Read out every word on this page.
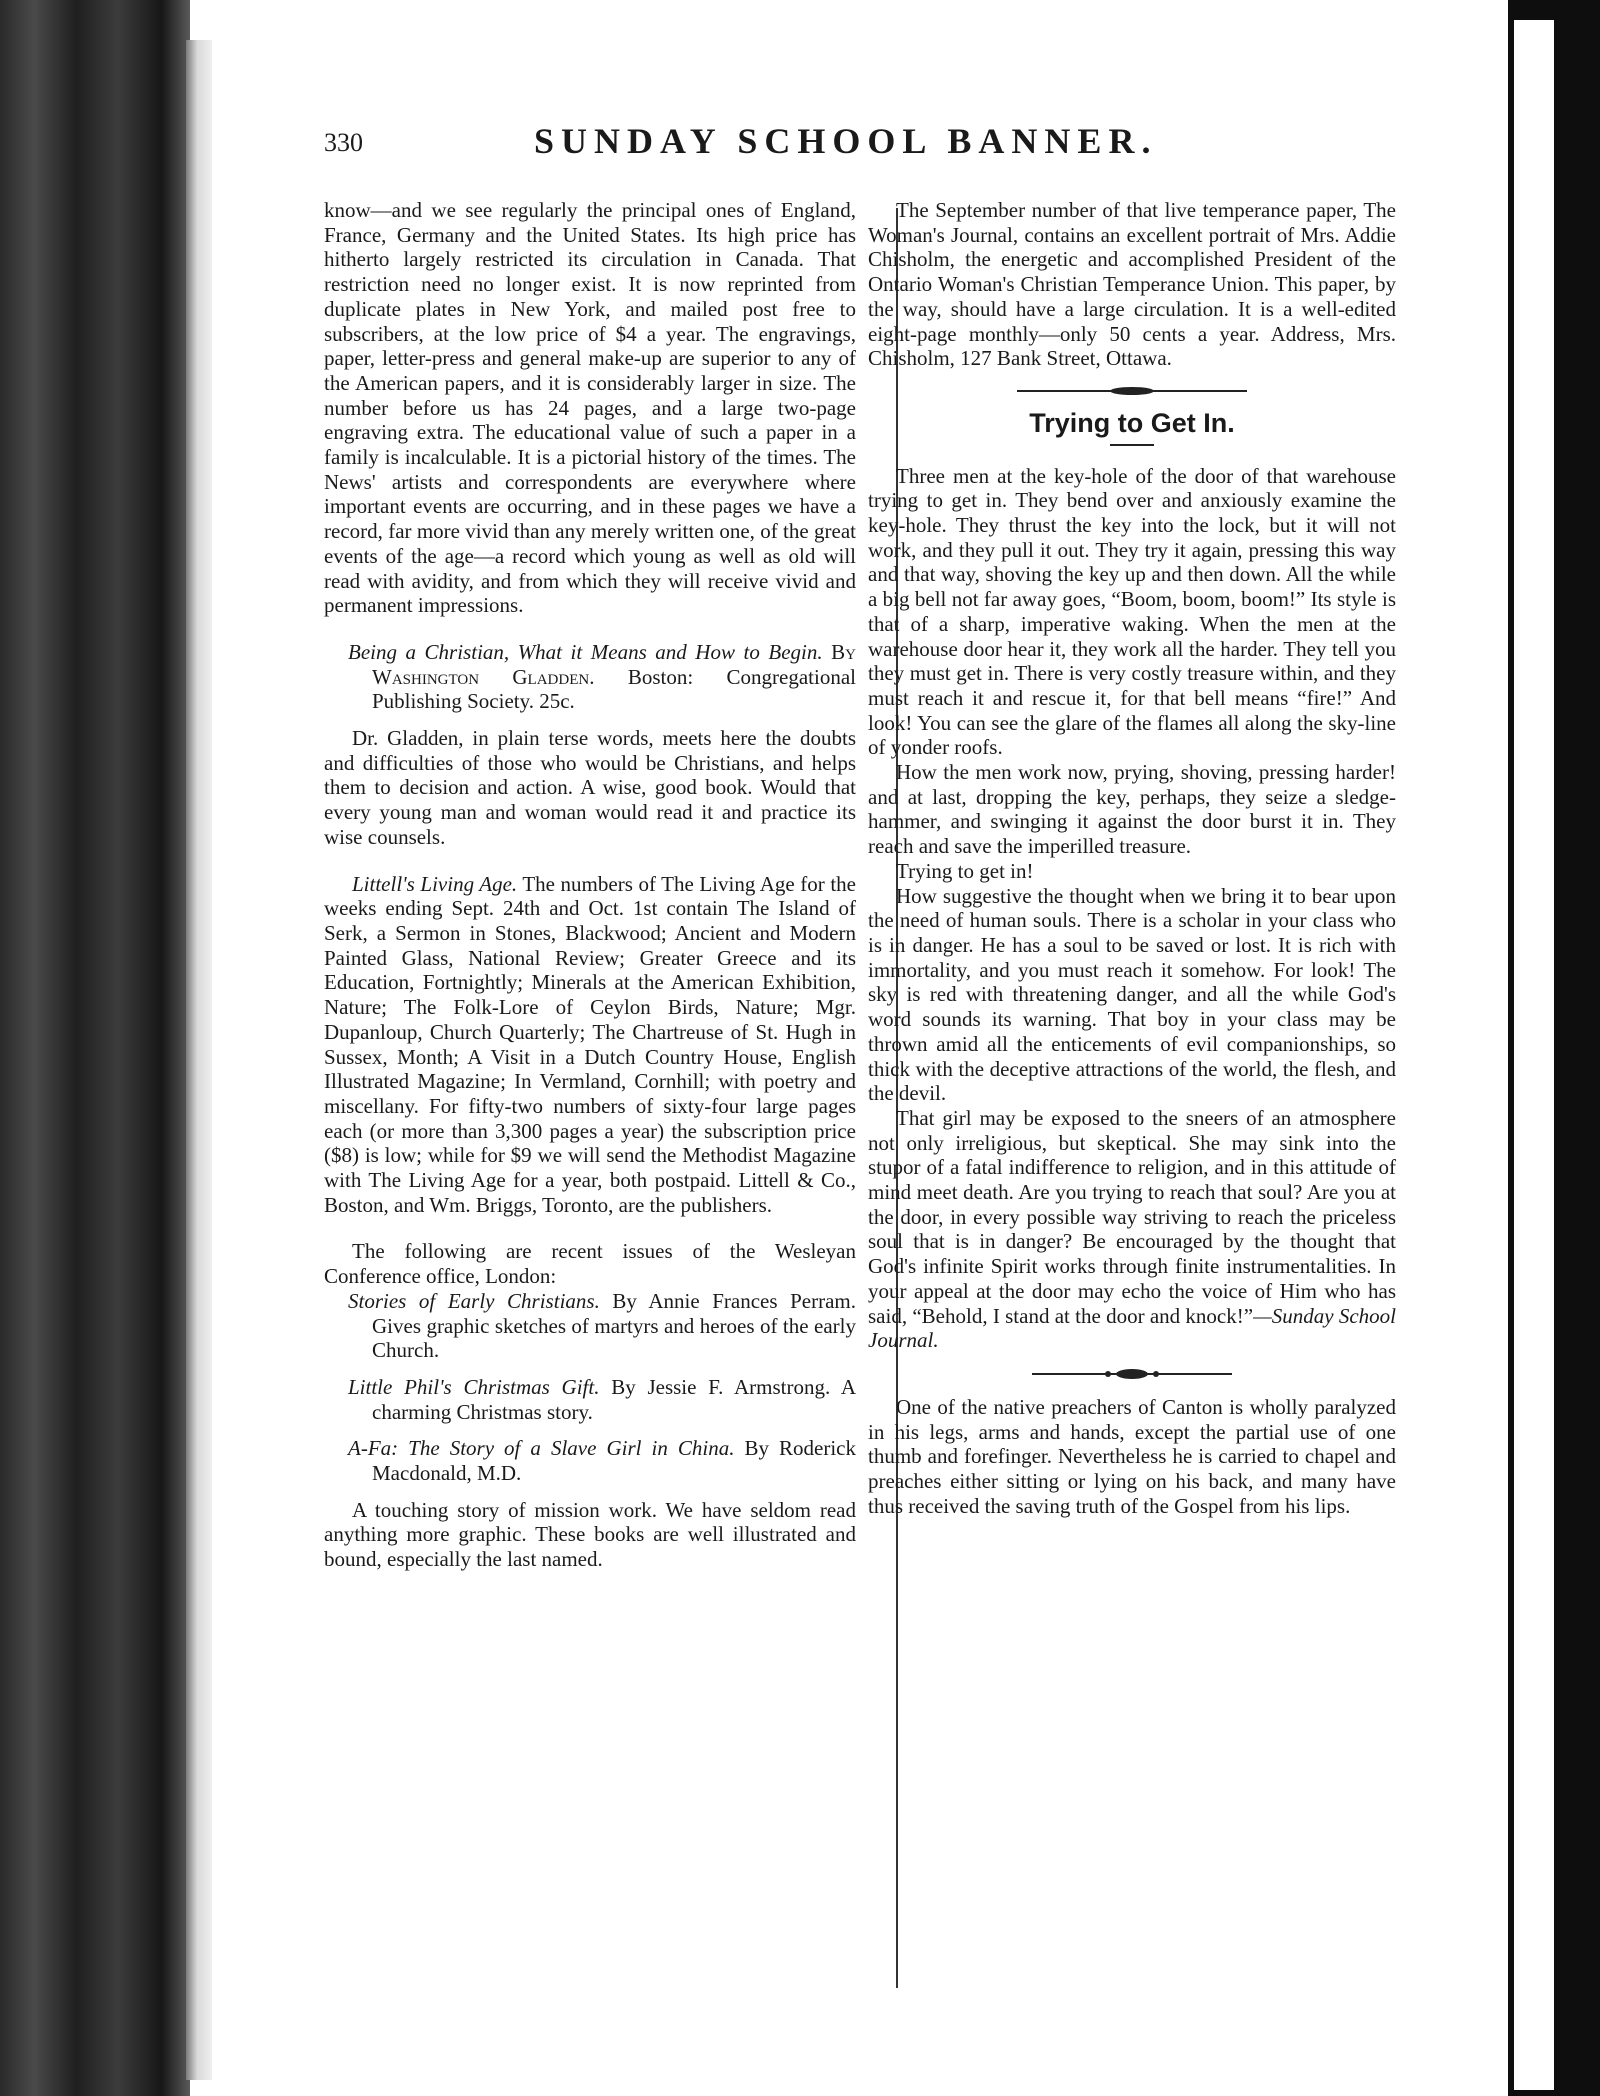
330	SUNDAY SCHOOL BANNER.

know—and we see regularly the principal ones of England, France, Germany and the United States. Its high price has hitherto largely restricted its circulation in Canada. That restriction need no longer exist. It is now reprinted from duplicate plates in New York, and mailed post free to subscribers, at the low price of $4 a year. The engravings, paper, letter-press and general make-up are superior to any of the American papers, and it is considerably larger in size. The number before us has 24 pages, and a large two-page engraving extra. The educational value of such a paper in a family is incalculable. It is a pictorial history of the times. The News' artists and correspondents are everywhere where important events are occurring, and in these pages we have a record, far more vivid than any merely written one, of the great events of the age—a record which young as well as old will read with avidity, and from which they will receive vivid and permanent impressions.

Being a Christian, What it Means and How to Begin. By Washington Gladden. Boston: Congregational Publishing Society. 25c.

Dr. Gladden, in plain terse words, meets here the doubts and difficulties of those who would be Christians, and helps them to decision and action. A wise, good book. Would that every young man and woman would read it and practice its wise counsels.

Littell's Living Age. The numbers of The Living Age for the weeks ending Sept. 24th and Oct. 1st contain The Island of Serk, a Sermon in Stones, Blackwood; Ancient and Modern Painted Glass, National Review; Greater Greece and its Education, Fortnightly; Minerals at the American Exhibition, Nature; The Folk-Lore of Ceylon Birds, Nature; Mgr. Dupanloup, Church Quarterly; The Chartreuse of St. Hugh in Sussex, Month; A Visit in a Dutch Country House, English Illustrated Magazine; In Vermland, Cornhill; with poetry and miscellany. For fifty-two numbers of sixty-four large pages each (or more than 3,300 pages a year) the subscription price ($8) is low; while for $9 we will send the Methodist Magazine with The Living Age for a year, both postpaid. Littell & Co., Boston, and Wm. Briggs, Toronto, are the publishers.

The following are recent issues of the Wesleyan Conference office, London:

Stories of Early Christians. By Annie Frances Perram. Gives graphic sketches of martyrs and heroes of the early Church.

Little Phil's Christmas Gift. By Jessie F. Armstrong. A charming Christmas story.

A-Fa: The Story of a Slave Girl in China. By Roderick Macdonald, M.D.

A touching story of mission work. We have seldom read anything more graphic. These books are well illustrated and bound, especially the last named.

The September number of that live temperance paper, The Woman's Journal, contains an excellent portrait of Mrs. Addie Chisholm, the energetic and accomplished President of the Ontario Woman's Christian Temperance Union. This paper, by the way, should have a large circulation. It is a well-edited eight-page monthly—only 50 cents a year. Address, Mrs. Chisholm, 127 Bank Street, Ottawa.

Trying to Get In.

Three men at the key-hole of the door of that warehouse trying to get in. They bend over and anxiously examine the key-hole. They thrust the key into the lock, but it will not work, and they pull it out. They try it again, pressing this way and that way, shoving the key up and then down. All the while a big bell not far away goes, “Boom, boom, boom!” Its style is that of a sharp, imperative waking. When the men at the warehouse door hear it, they work all the harder. They tell you they must get in. There is very costly treasure within, and they must reach it and rescue it, for that bell means “fire!” And look! You can see the glare of the flames all along the sky-line of yonder roofs.

How the men work now, prying, shoving, pressing harder! and at last, dropping the key, perhaps, they seize a sledge-hammer, and swinging it against the door burst it in. They reach and save the imperilled treasure.

Trying to get in!

How suggestive the thought when we bring it to bear upon the need of human souls. There is a scholar in your class who is in danger. He has a soul to be saved or lost. It is rich with immortality, and you must reach it somehow. For look! The sky is red with threatening danger, and all the while God's word sounds its warning. That boy in your class may be thrown amid all the enticements of evil companionships, so thick with the deceptive attractions of the world, the flesh, and the devil.

That girl may be exposed to the sneers of an atmosphere not only irreligious, but skeptical. She may sink into the stupor of a fatal indifference to religion, and in this attitude of mind meet death. Are you trying to reach that soul? Are you at the door, in every possible way striving to reach the priceless soul that is in danger? Be encouraged by the thought that God's infinite Spirit works through finite instrumentalities. In your appeal at the door may echo the voice of Him who has said, “Behold, I stand at the door and knock!”—Sunday School Journal.

One of the native preachers of Canton is wholly paralyzed in his legs, arms and hands, except the partial use of one thumb and forefinger. Nevertheless he is carried to chapel and preaches either sitting or lying on his back, and many have thus received the saving truth of the Gospel from his lips.
